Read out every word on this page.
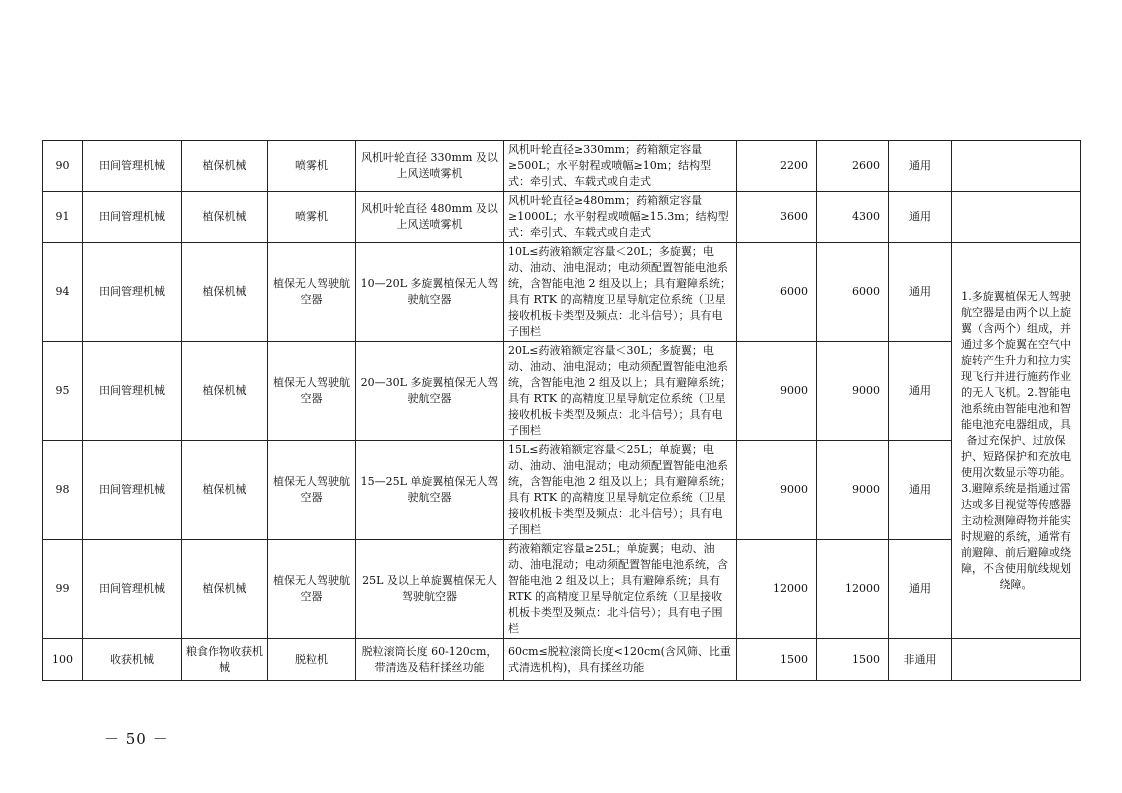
90	田间管理机械	植保机械	喷雾机	风机叶轮直径 330mm 及以上风送喷雾机	风机叶轮直径≥330mm；药箱额定容量≥500L；水平射程或喷幅≥10m；结构型式：牵引式、车载式或自走式	2200	2600	通用	
91	田间管理机械	植保机械	喷雾机	风机叶轮直径 480mm 及以上风送喷雾机	风机叶轮直径≥480mm；药箱额定容量≥1000L；水平射程或喷幅≥15.3m；结构型式：牵引式、车载式或自走式	3600	4300	通用	
94	田间管理机械	植保机械	植保无人驾驶航空器	10—20L 多旋翼植保无人驾驶航空器	10L≤药液箱额定容量＜20L；多旋翼；电动、油动、油电混动；电动须配置智能电池系统，含智能电池 2 组及以上；具有避障系统；具有 RTK 的高精度卫星导航定位系统（卫星接收机板卡类型及频点：北斗信号）；具有电子围栏	6000	6000	通用	1.多旋翼植保无人驾驶航空器是由两个以上旋翼（含两个）组成，并通过多个旋翼在空气中旋转产生升力和拉力实现飞行并进行施药作业的无人飞机。2.智能电池系统由智能电池和智能电池充电器组成，具备过充保护、过放保护、短路保护和充放电使用次数显示等功能。3.避障系统是指通过雷达或多目视觉等传感器主动检测障碍物并能实时规避的系统，通常有前避障、前后避障或绕障，不含使用航线规划绕障。
95	田间管理机械	植保机械	植保无人驾驶航空器	20—30L 多旋翼植保无人驾驶航空器	20L≤药液箱额定容量＜30L；多旋翼；电动、油动、油电混动；电动须配置智能电池系统，含智能电池 2 组及以上；具有避障系统；具有 RTK 的高精度卫星导航定位系统（卫星接收机板卡类型及频点：北斗信号）；具有电子围栏	9000	9000	通用	
98	田间管理机械	植保机械	植保无人驾驶航空器	15—25L 单旋翼植保无人驾驶航空器	15L≤药液箱额定容量＜25L；单旋翼；电动、油动、油电混动；电动须配置智能电池系统，含智能电池 2 组及以上；具有避障系统；具有 RTK 的高精度卫星导航定位系统（卫星接收机板卡类型及频点：北斗信号）；具有电子围栏	9000	9000	通用	
99	田间管理机械	植保机械	植保无人驾驶航空器	25L 及以上单旋翼植保无人驾驶航空器	药液箱额定容量≥25L；单旋翼；电动、油动、油电混动；电动须配置智能电池系统，含智能电池 2 组及以上；具有避障系统；具有 RTK 的高精度卫星导航定位系统（卫星接收机板卡类型及频点：北斗信号）；具有电子围栏	12000	12000	通用	
100	收获机械	粮食作物收获机械	脱粒机	脱粒滚筒长度 60-120cm，带清选及秸秆揉丝功能	60cm≤脱粒滚筒长度<120cm(含风筛、比重式清选机构)，具有揉丝功能	1500	1500	非通用	
－ 50 －
